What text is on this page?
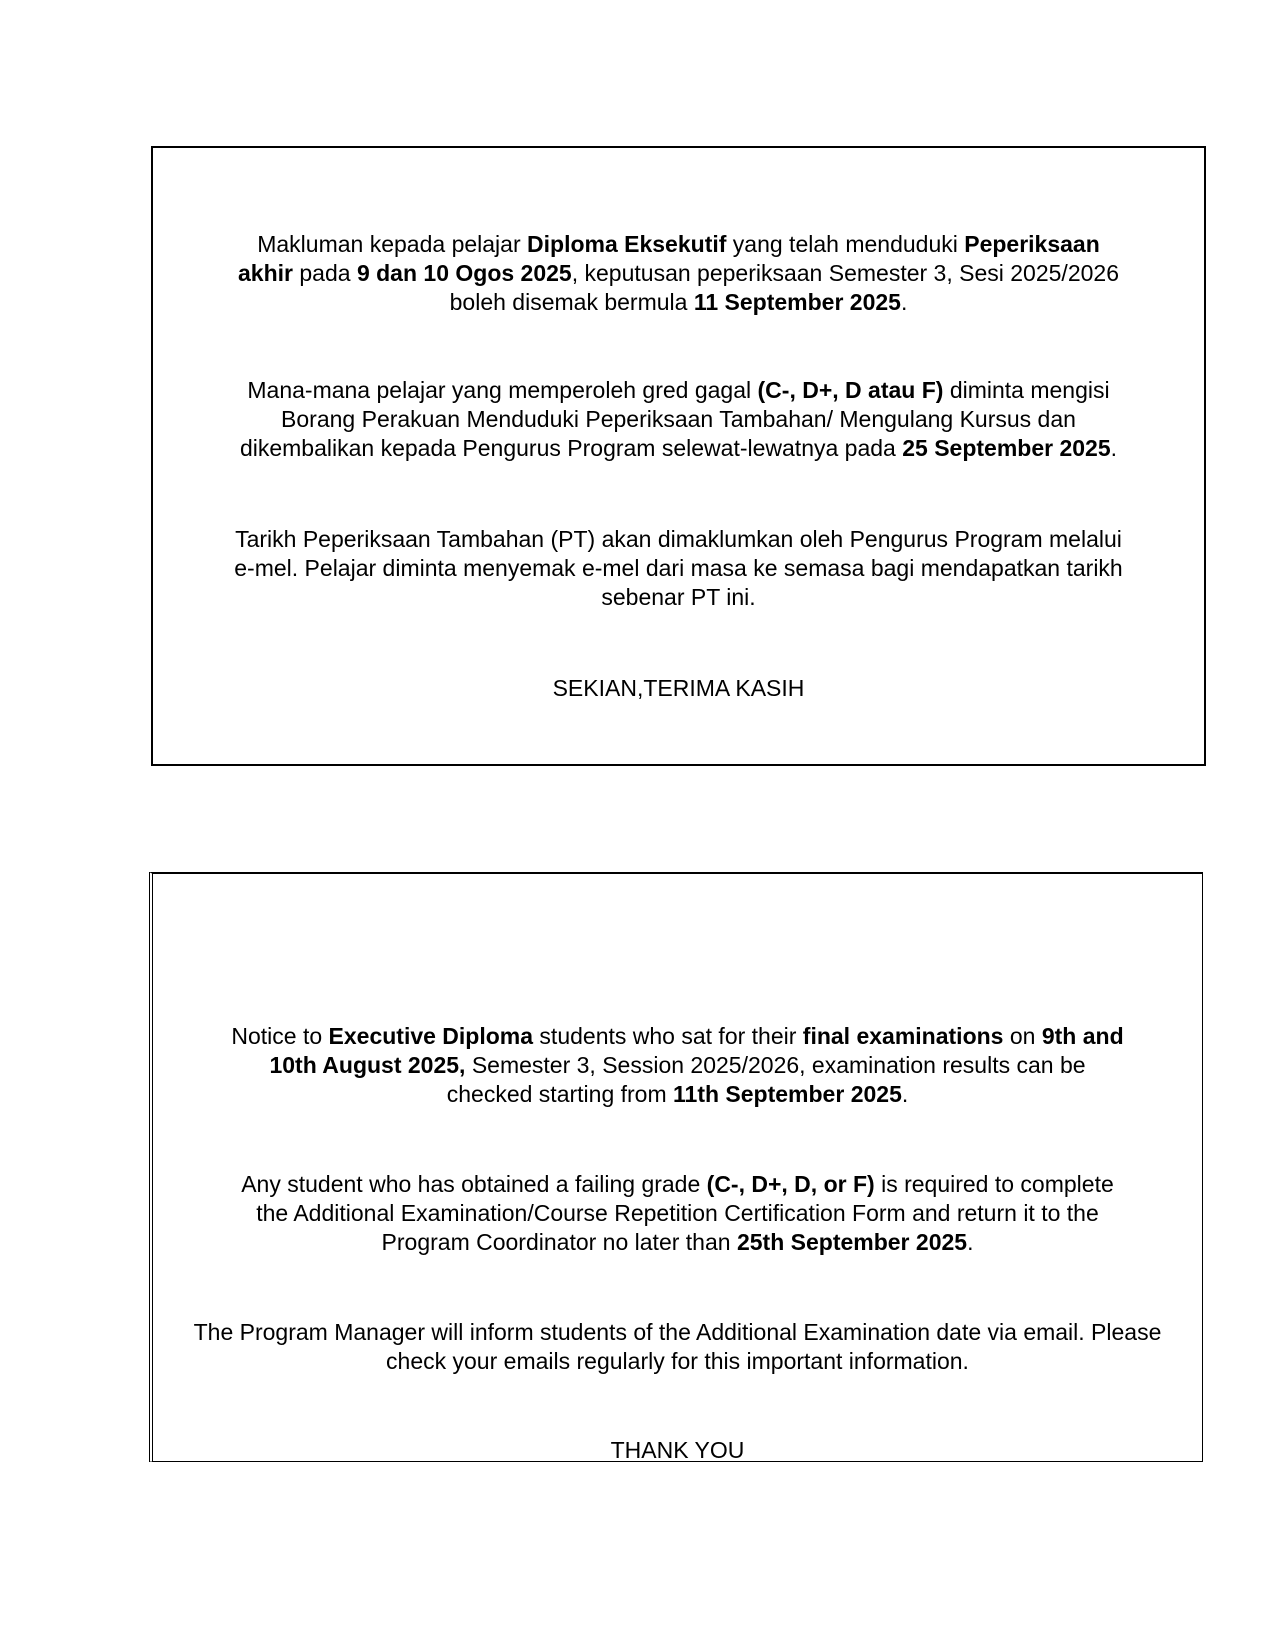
Makluman kepada pelajar Diploma Eksekutif yang telah menduduki Peperiksaan
akhir pada 9 dan 10 Ogos 2025, keputusan peperiksaan Semester 3, Sesi 2025/2026
boleh disemak bermula 11 September 2025.

Mana-mana pelajar yang memperoleh gred gagal (C-, D+, D atau F) diminta mengisi
Borang Perakuan Menduduki Peperiksaan Tambahan/ Mengulang Kursus dan
dikembalikan kepada Pengurus Program selewat-lewatnya pada 25 September 2025.

Tarikh Peperiksaan Tambahan (PT) akan dimaklumkan oleh Pengurus Program melalui
e-mel. Pelajar diminta menyemak e-mel dari masa ke semasa bagi mendapatkan tarikh
sebenar PT ini.

SEKIAN,TERIMA KASIH

Notice to Executive Diploma students who sat for their final examinations on 9th and
10th August 2025, Semester 3, Session 2025/2026, examination results can be
checked starting from 11th September 2025.

Any student who has obtained a failing grade (C-, D+, D, or F) is required to complete
the Additional Examination/Course Repetition Certification Form and return it to the
Program Coordinator no later than 25th September 2025.

The Program Manager will inform students of the Additional Examination date via email. Please
check your emails regularly for this important information.

THANK YOU
